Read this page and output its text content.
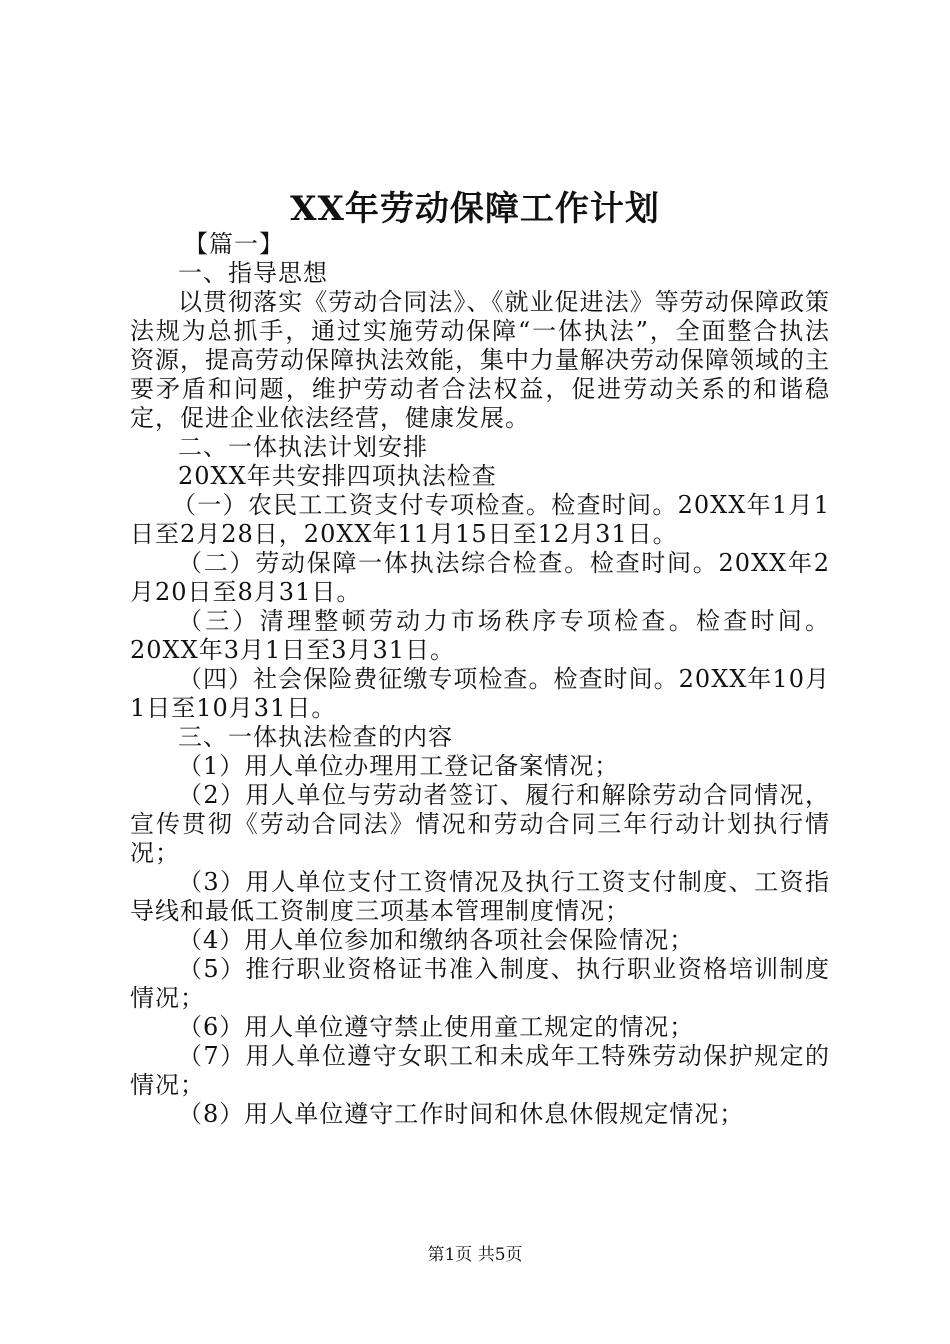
XX年劳动保障工作计划

【篇一】

一、指导思想

以贯彻落实《劳动合同法》、《就业促进法》等劳动保障政策法规为总抓手，通过实施劳动保障“一体执法”，全面整合执法资源，提高劳动保障执法效能，集中力量解决劳动保障领域的主要矛盾和问题，维护劳动者合法权益，促进劳动关系的和谐稳定，促进企业依法经营，健康发展。

二、一体执法计划安排

20XX年共安排四项执法检查

（一）农民工工资支付专项检查。检查时间。20XX年1月1日至2月28日，20XX年11月15日至12月31日。

（二）劳动保障一体执法综合检查。检查时间。20XX年2月20日至8月31日。

（三）清理整顿劳动力市场秩序专项检查。检查时间。20XX年3月1日至3月31日。

（四）社会保险费征缴专项检查。检查时间。20XX年10月1日至10月31日。

三、一体执法检查的内容

（1）用人单位办理用工登记备案情况；

（2）用人单位与劳动者签订、履行和解除劳动合同情况，宣传贯彻《劳动合同法》情况和劳动合同三年行动计划执行情况；

（3）用人单位支付工资情况及执行工资支付制度、工资指导线和最低工资制度三项基本管理制度情况；

（4）用人单位参加和缴纳各项社会保险情况；

（5）推行职业资格证书准入制度、执行职业资格培训制度情况；

（6）用人单位遵守禁止使用童工规定的情况；

（7）用人单位遵守女职工和未成年工特殊劳动保护规定的情况；

（8）用人单位遵守工作时间和休息休假规定情况；

第1页 共5页
